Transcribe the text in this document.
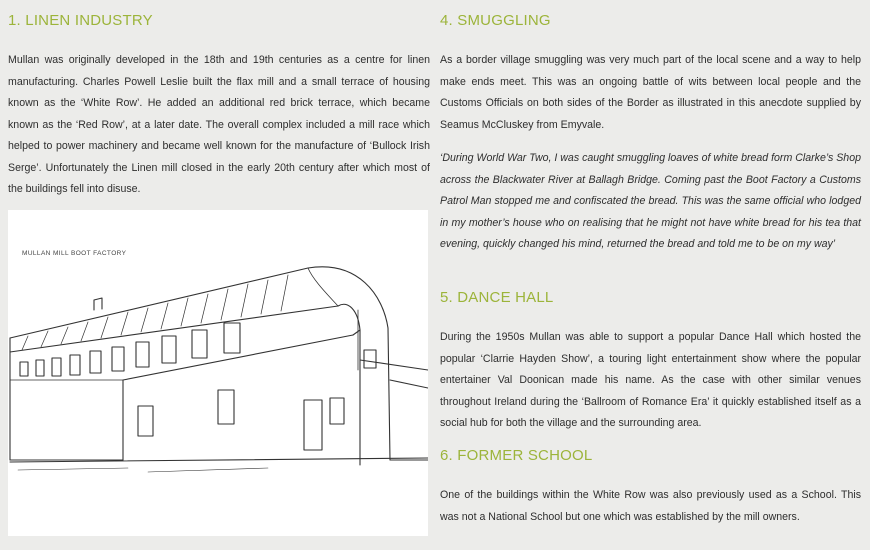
1. LINEN INDUSTRY

Mullan was originally developed in the 18th and 19th centuries as a centre for linen manufacturing. Charles Powell Leslie built the flax mill and a small terrace of housing known as the ‘White Row’. He added an additional red brick terrace, which became known as the ‘Red Row’, at a later date. The overall complex included a mill race which helped to power machinery and became well known for the manufacture of ‘Bullock Irish Serge’. Unfortunately the Linen mill closed in the early 20th century after which most of the buildings fell into disuse.

MULLAN MILL BOOT FACTORY
4. SMUGGLING

As a border village smuggling was very much part of the local scene and a way to help make ends meet. This was an ongoing battle of wits between local people and the Customs Officials on both sides of the Border as illustrated in this anecdote supplied by Seamus McCluskey from Emyvale.

‘During World War Two, I was caught smuggling loaves of white bread form Clarke’s Shop across the Blackwater River at Ballagh Bridge. Coming past the Boot Factory a Customs Patrol Man stopped me and confiscated the bread. This was the same official who lodged in my mother’s house who on realising that he might not have white bread for his tea that evening, quickly changed his mind, returned the bread and told me to be on my way’

5. DANCE HALL

During the 1950s Mullan was able to support a popular Dance Hall which hosted the popular ‘Clarrie Hayden Show’, a touring light entertainment show where the popular entertainer Val Doonican made his name. As the case with other similar venues throughout Ireland during the ‘Ballroom of Romance Era’ it quickly established itself as a social hub for both the village and the surrounding area.

6. FORMER SCHOOL

One of the buildings within the White Row was also previously used as a School. This was not a National School but one which was established by the mill owners.
